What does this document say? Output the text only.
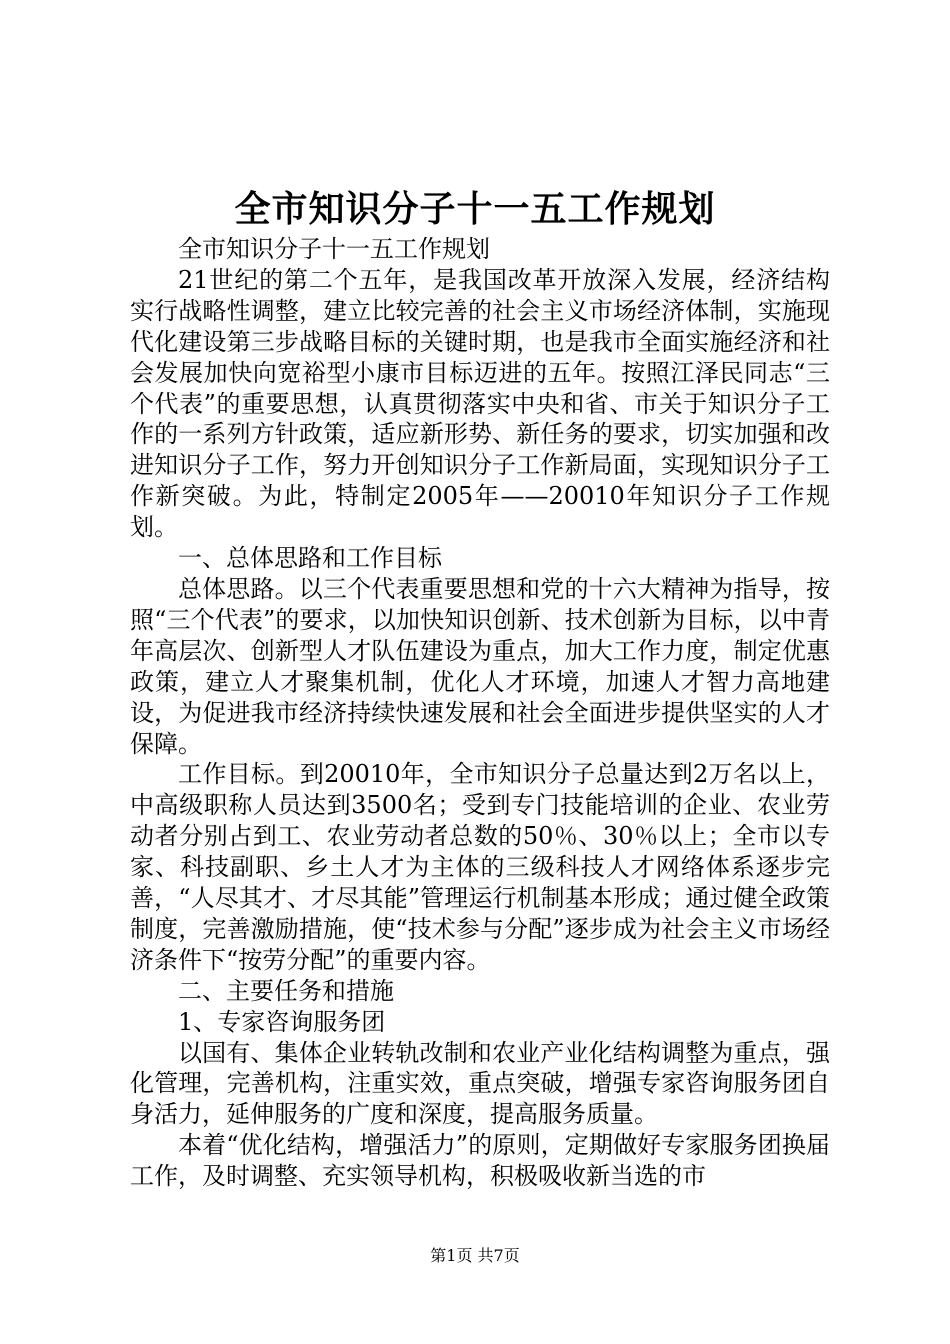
全市知识分子十一五工作规划

全市知识分子十一五工作规划

21世纪的第二个五年，是我国改革开放深入发展，经济结构实行战略性调整，建立比较完善的社会主义市场经济体制，实施现代化建设第三步战略目标的关键时期，也是我市全面实施经济和社会发展加快向宽裕型小康市目标迈进的五年。按照江泽民同志“三个代表”的重要思想，认真贯彻落实中央和省、市关于知识分子工作的一系列方针政策，适应新形势、新任务的要求，切实加强和改进知识分子工作，努力开创知识分子工作新局面，实现知识分子工作新突破。为此，特制定2005年——20010年知识分子工作规划。

一、总体思路和工作目标

总体思路。以三个代表重要思想和党的十六大精神为指导，按照“三个代表”的要求，以加快知识创新、技术创新为目标，以中青年高层次、创新型人才队伍建设为重点，加大工作力度，制定优惠政策，建立人才聚集机制，优化人才环境，加速人才智力高地建设，为促进我市经济持续快速发展和社会全面进步提供坚实的人才保障。

工作目标。到20010年，全市知识分子总量达到2万名以上，中高级职称人员达到3500名；受到专门技能培训的企业、农业劳动者分别占到工、农业劳动者总数的50％、30％以上；全市以专家、科技副职、乡土人才为主体的三级科技人才网络体系逐步完善，“人尽其才、才尽其能”管理运行机制基本形成；通过健全政策制度，完善激励措施，使“技术参与分配”逐步成为社会主义市场经济条件下“按劳分配”的重要内容。

二、主要任务和措施

1、专家咨询服务团

以国有、集体企业转轨改制和农业产业化结构调整为重点，强化管理，完善机构，注重实效，重点突破，增强专家咨询服务团自身活力，延伸服务的广度和深度，提高服务质量。

本着“优化结构，增强活力”的原则，定期做好专家服务团换届工作，及时调整、充实领导机构，积极吸收新当选的市

第1页 共7页
